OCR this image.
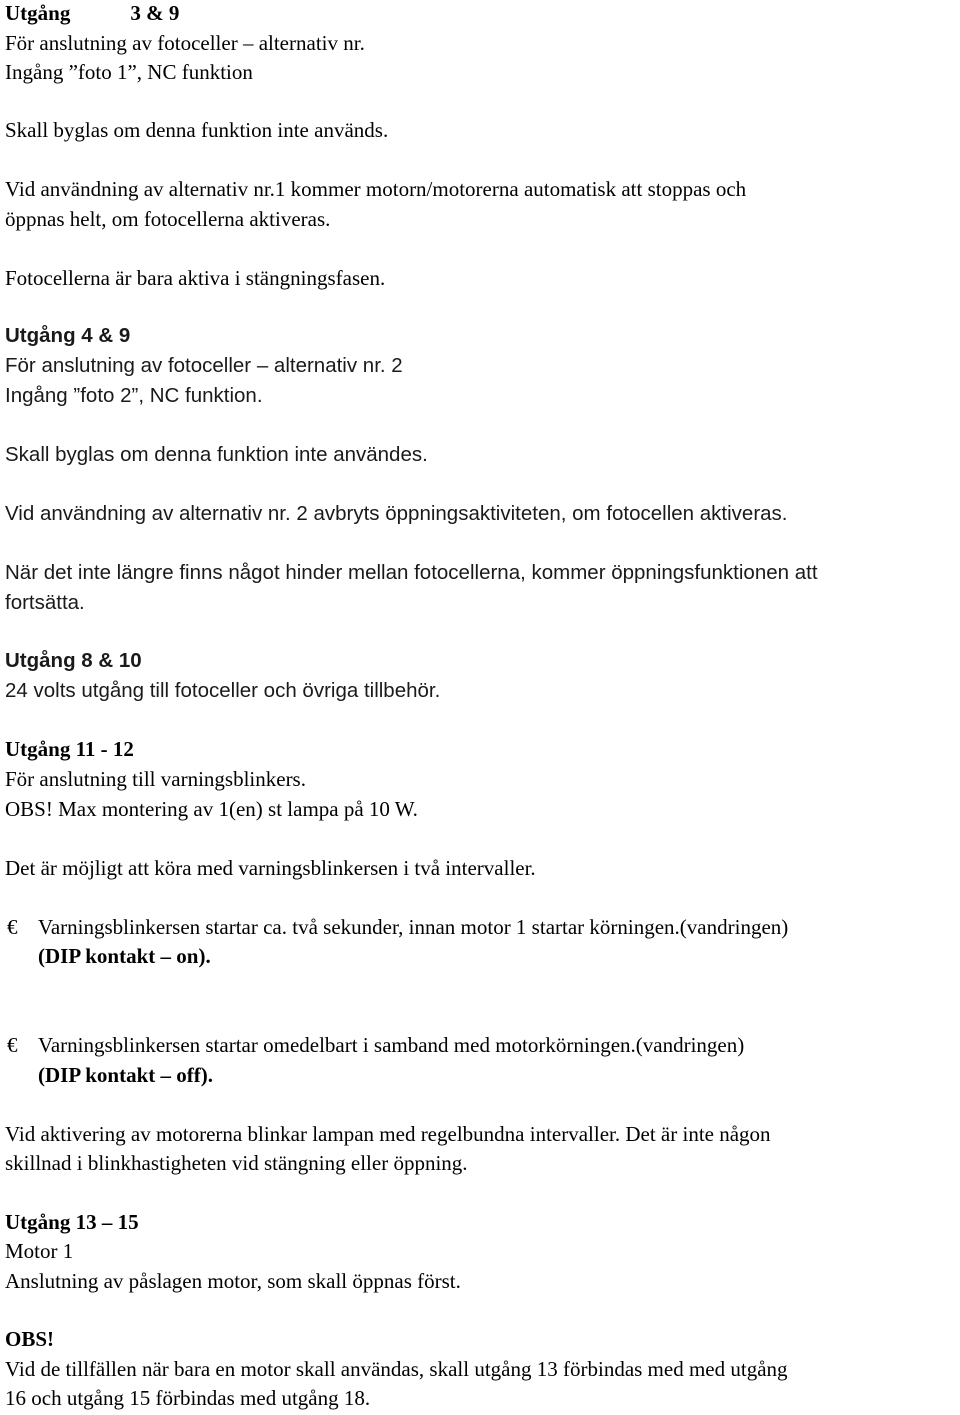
Utgång	3 & 9
För anslutning av fotoceller – alternativ nr.
Ingång ”foto 1”, NC funktion
Skall byglas om denna funktion inte används.
Vid användning av alternativ nr.1 kommer motorn/motorerna automatisk att stoppas och
öppnas helt, om fotocellerna aktiveras.
Fotocellerna är bara aktiva i stängningsfasen.
Utgång 4 & 9
För anslutning av fotoceller – alternativ nr. 2
Ingång ”foto 2”, NC funktion.
Skall byglas om denna funktion inte användes.
Vid användning av alternativ nr. 2 avbryts öppningsaktiviteten, om fotocellen aktiveras.
När det inte längre finns något hinder mellan fotocellerna, kommer öppningsfunktionen att
fortsätta.
Utgång 8 & 10
24 volts utgång till fotoceller och övriga tillbehör.
Utgång 11 - 12
För anslutning till varningsblinkers.
OBS! Max montering av 1(en) st lampa på 10 W.
Det är möjligt att köra med varningsblinkersen i två intervaller.
€ Varningsblinkersen startar ca. två sekunder, innan motor 1 startar körningen.(vandringen)
(DIP kontakt – on).
€ Varningsblinkersen startar omedelbart i samband med motorkörningen.(vandringen)
(DIP kontakt – off).
Vid aktivering av motorerna blinkar lampan med regelbundna intervaller. Det är inte någon
skillnad i blinkhastigheten vid stängning eller öppning.
Utgång 13 – 15
Motor 1
Anslutning av påslagen motor, som skall öppnas först.
OBS!
Vid de tillfällen när bara en motor skall användas, skall utgång 13 förbindas med med utgång
16 och utgång 15 förbindas med utgång 18.
